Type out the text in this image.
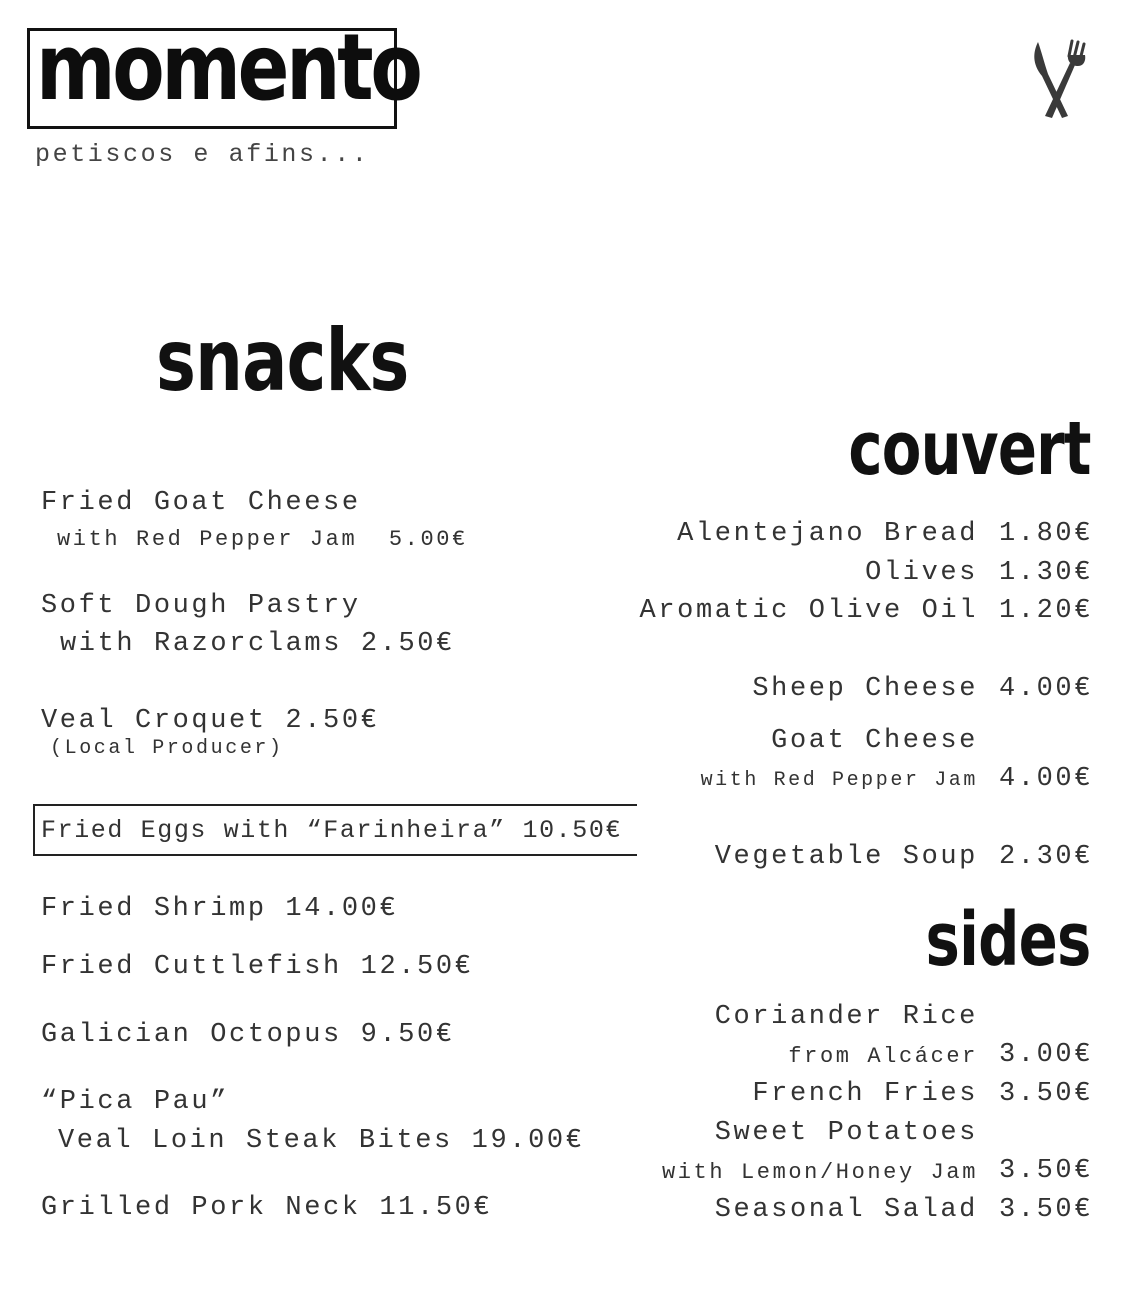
momento
petiscos e afins...
snacks
Fried Goat Cheese
with Red Pepper Jam  5.00€
Soft Dough Pastry
with Razorclams 2.50€
Veal Croquet 2.50€
(Local Producer)
Fried Eggs with “Farinheira” 10.50€
Fried Shrimp 14.00€
Fried Cuttlefish 12.50€
Galician Octopus 9.50€
“Pica Pau”
Veal Loin Steak Bites 19.00€
Grilled Pork Neck 11.50€
couvert
Alentejano Bread 1.80€
Olives 1.30€
Aromatic Olive Oil 1.20€
Sheep Cheese 4.00€
Goat Cheese
with Red Pepper Jam 4.00€
Vegetable Soup 2.30€
sides
Coriander Rice
from Alcácer 3.00€
French Fries 3.50€
Sweet Potatoes
with Lemon/Honey Jam 3.50€
Seasonal Salad 3.50€
